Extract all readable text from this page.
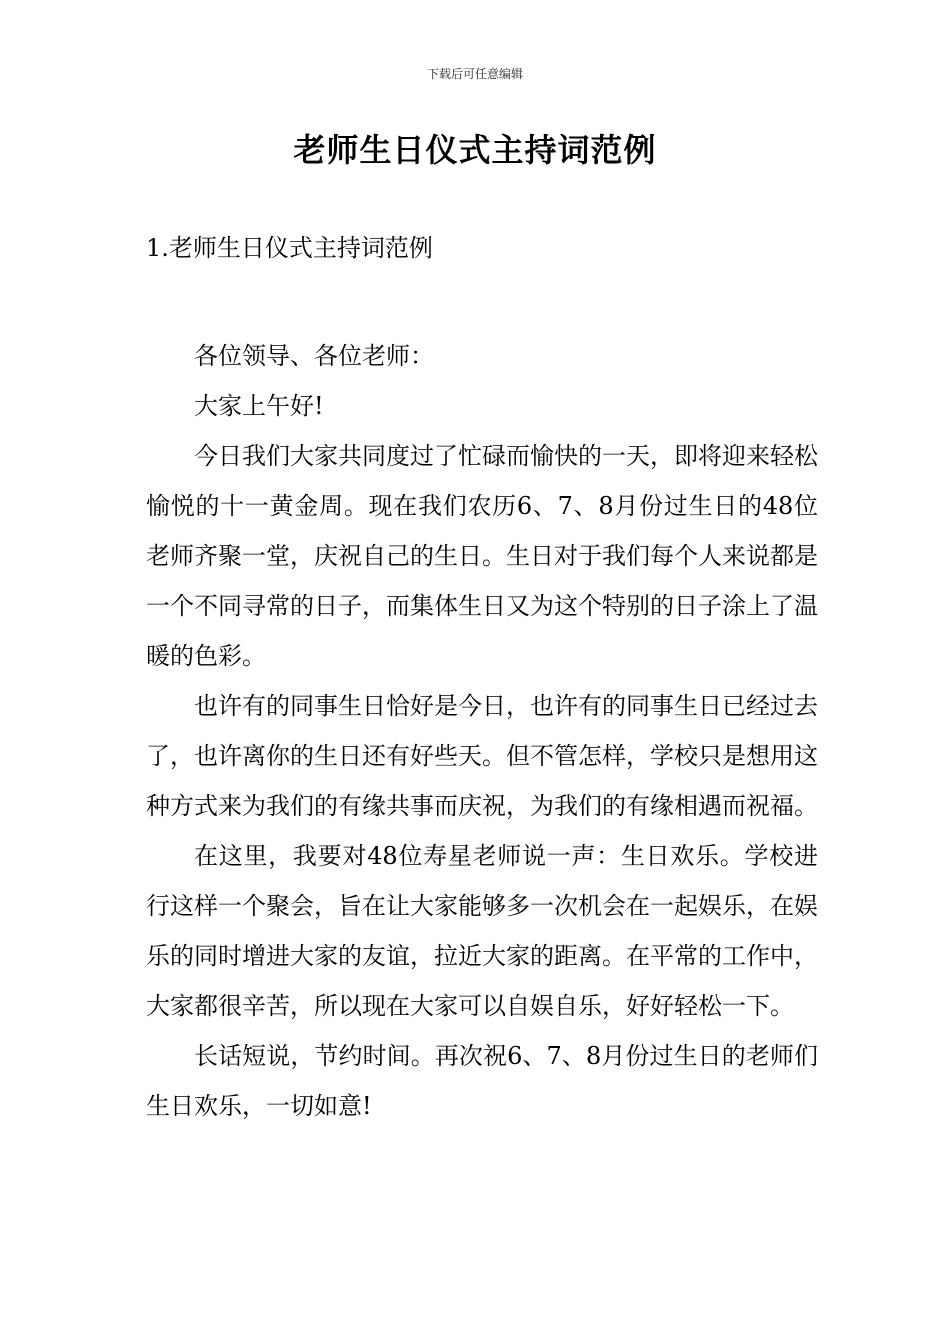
下载后可任意编辑
老师生日仪式主持词范例
1.老师生日仪式主持词范例

各位领导、各位老师：

大家上午好!

今日我们大家共同度过了忙碌而愉快的一天，即将迎来轻松愉悦的十一黄金周。现在我们农历6、7、8月份过生日的48位老师齐聚一堂，庆祝自己的生日。生日对于我们每个人来说都是一个不同寻常的日子，而集体生日又为这个特别的日子涂上了温暖的色彩。

也许有的同事生日恰好是今日，也许有的同事生日已经过去了，也许离你的生日还有好些天。但不管怎样，学校只是想用这种方式来为我们的有缘共事而庆祝，为我们的有缘相遇而祝福。

在这里，我要对48位寿星老师说一声：生日欢乐。学校进行这样一个聚会，旨在让大家能够多一次机会在一起娱乐，在娱乐的同时增进大家的友谊，拉近大家的距离。在平常的工作中，大家都很辛苦，所以现在大家可以自娱自乐，好好轻松一下。

长话短说，节约时间。再次祝6、7、8月份过生日的老师们生日欢乐，一切如意!
